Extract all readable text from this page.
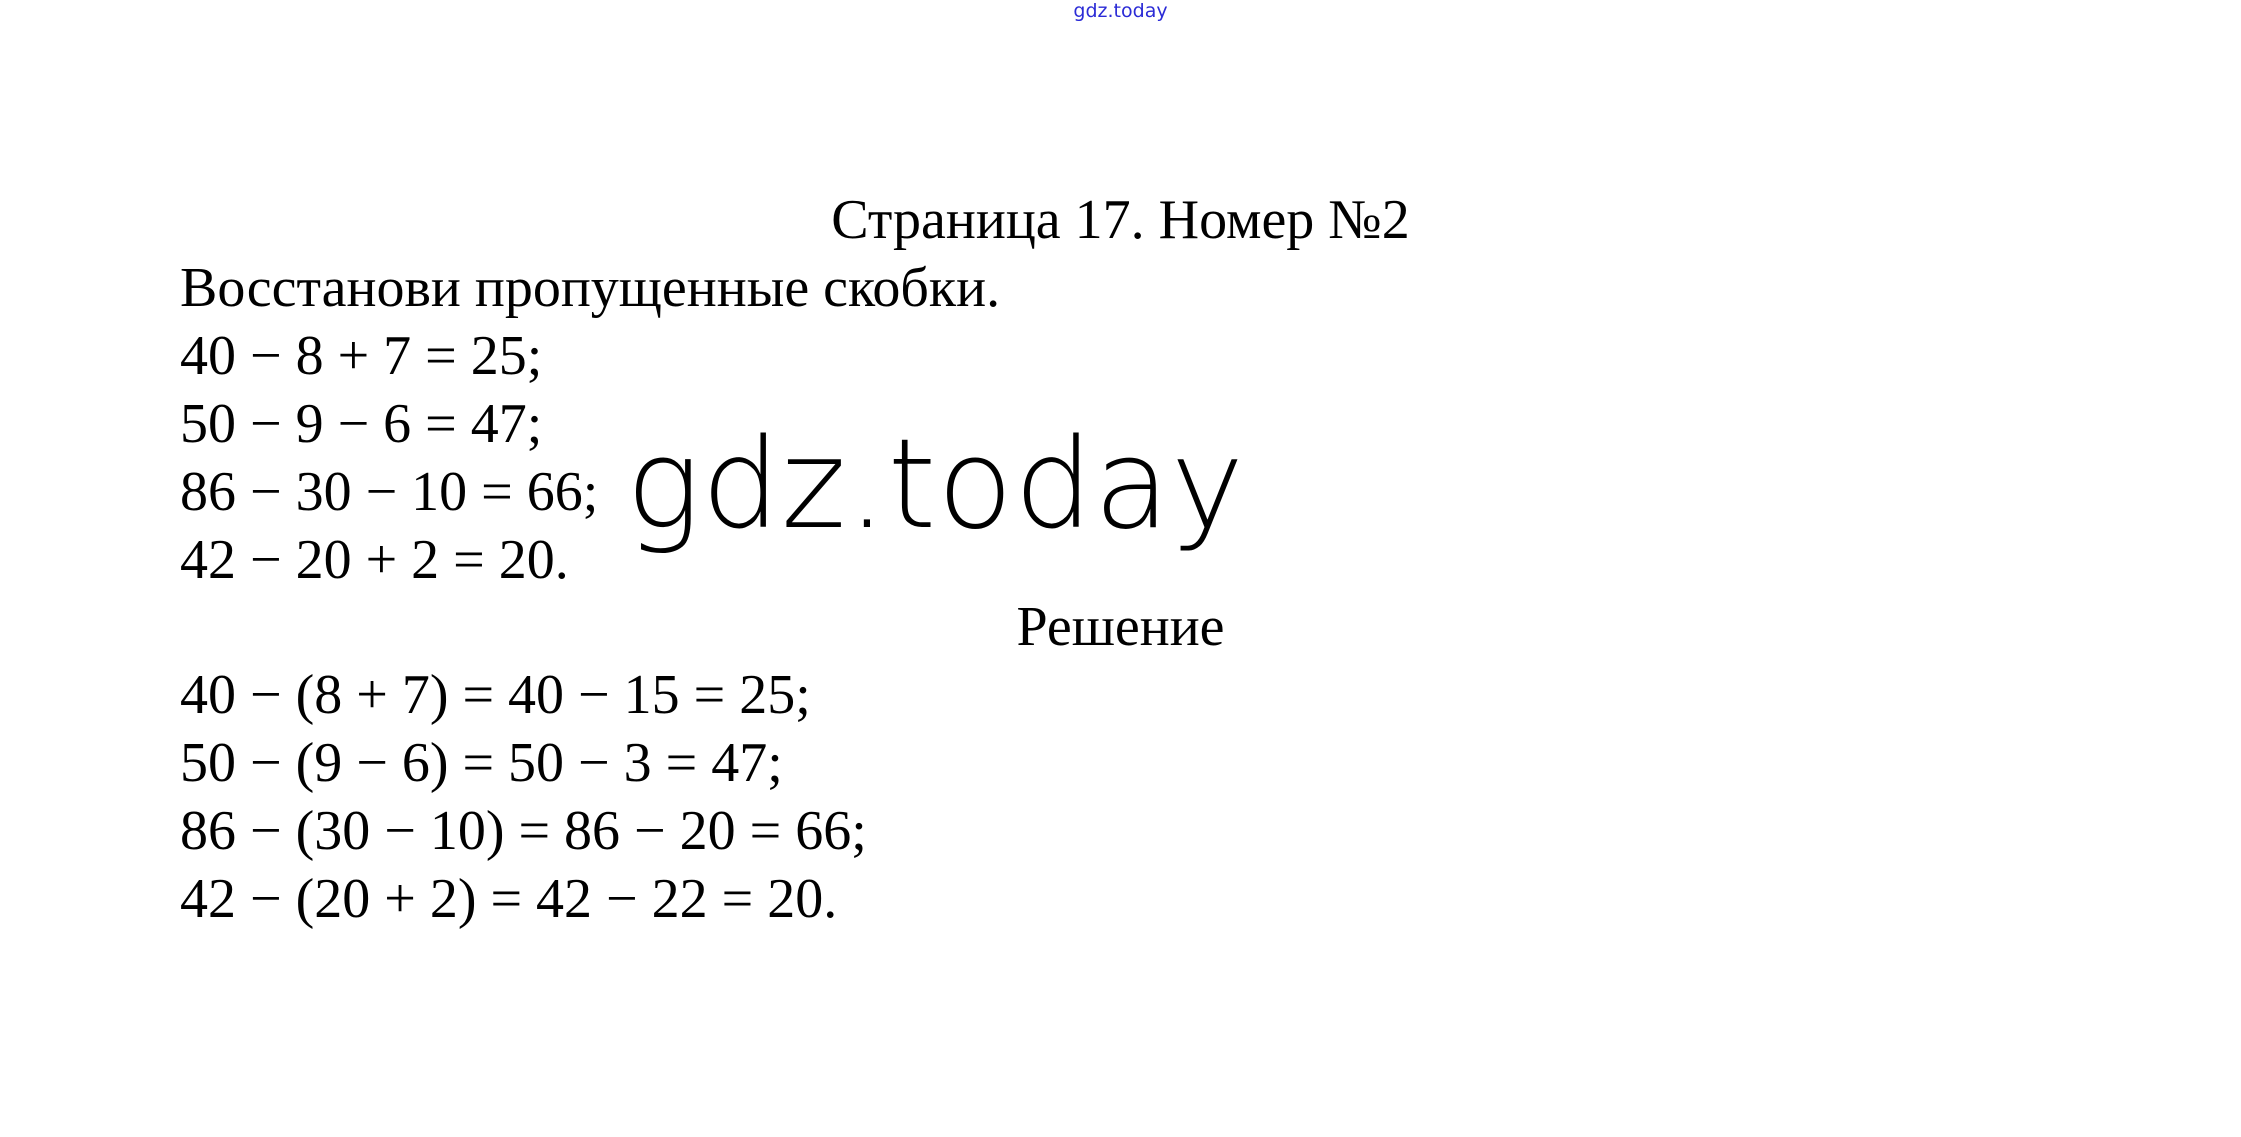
gdz.today
Страница 17. Номер №2
Восстанови пропущенные скобки.
40 − 8 + 7 = 25;
50 − 9 − 6 = 47;
86 − 30 − 10 = 66;
42 − 20 + 2 = 20.
gdz.today
Решение
40 − (8 + 7) = 40 − 15 = 25;
50 − (9 − 6) = 50 − 3 = 47;
86 − (30 − 10) = 86 − 20 = 66;
42 − (20 + 2) = 42 − 22 = 20.
